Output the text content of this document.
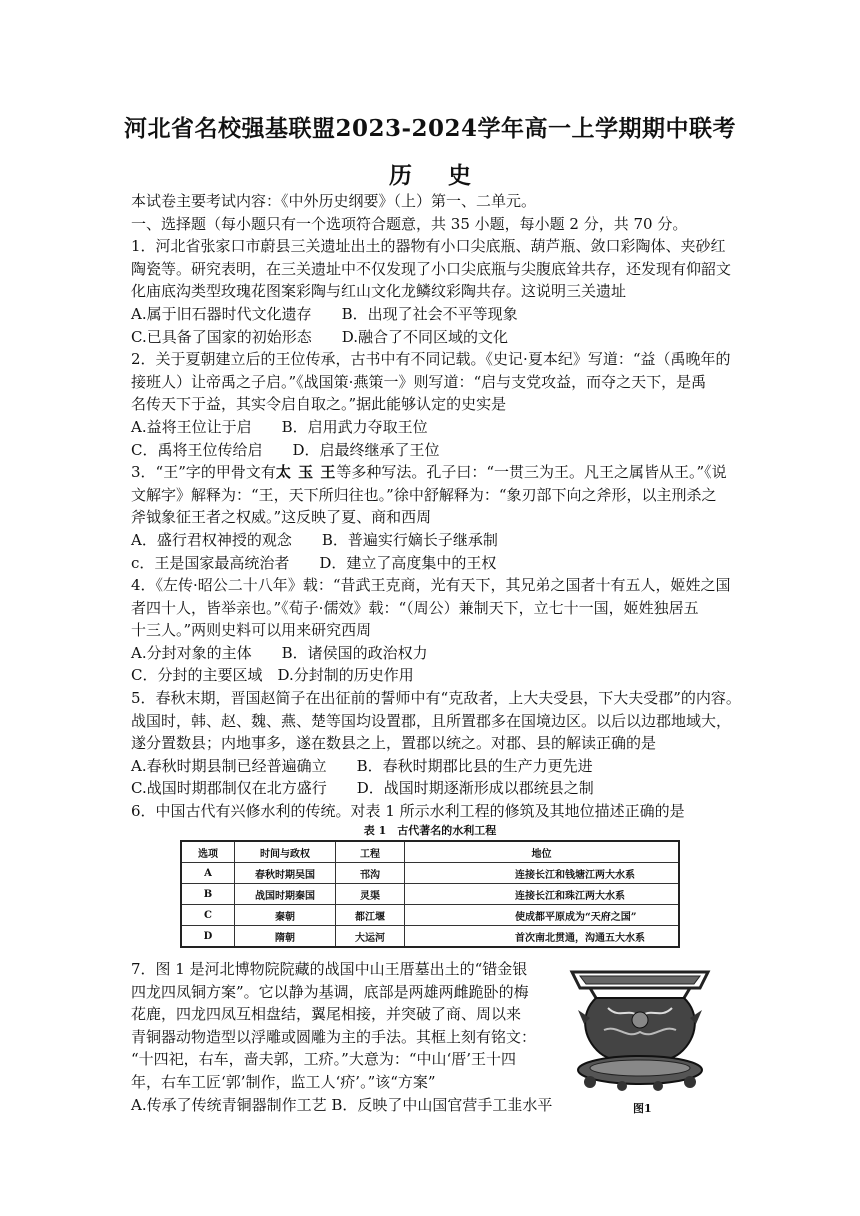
河北省名校强基联盟2023-2024学年高一上学期期中联考
历史
本试卷主要考试内容：《中外历史纲要》（上）第一、二单元。
一、选择题（每小题只有一个选项符合题意，共 35 小题，每小题 2 分，共 70 分。
1．河北省张家口市蔚县三关遗址出土的器物有小口尖底瓶、葫芦瓶、敛口彩陶体、夹砂红
陶瓷等。研究表明，在三关遗址中不仅发现了小口尖底瓶与尖腹底耸共存，还发现有仰韶文
化庙底沟类型玫瑰花图案彩陶与红山文化龙鳞纹彩陶共存。这说明三关遗址
A.属于旧石器时代文化遗存　　B．出现了社会不平等现象
C.已具备了国家的初始形态　　D.融合了不同区域的文化
2．关于夏朝建立后的王位传承，古书中有不同记载。《史记·夏本纪》写道：“益（禹晚年的
接班人）让帝禹之子启。”《战国策·燕策一》则写道：“启与支党攻益，而夺之天下，是禹
名传天下于益，其实令启自取之。”据此能够认定的史实是
A.益将王位让于启　　B．启用武力夺取王位
C．禹将王位传给启　　D．启最终继承了王位
3．“王”字的甲骨文有太 玉 王等多种写法。孔子曰：“一贯三为王。凡王之属皆从王。”《说
文解字》解释为：“王，天下所归往也。”徐中舒解释为：“象刃部下向之斧形，以主刑杀之
斧钺象征王者之权威。”这反映了夏、商和西周
A．盛行君权神授的观念　　B．普遍实行嫡长子继承制
c．王是国家最高统治者　　D．建立了高度集中的王权
4．《左传·昭公二十八年》载：“昔武王克商，光有天下，其兄弟之国者十有五人，姬姓之国
者四十人，皆举亲也。”《荀子·儒效》载：“（周公）兼制天下，立七十一国，姬姓独居五
十三人。”两则史料可以用来研究西周
A.分封对象的主体　　B．诸侯国的政治权力
C．分封的主要区域　D.分封制的历史作用
5．春秋末期，晋国赵简子在出征前的誓师中有“克敌者，上大夫受县，下大夫受郡”的内容。
战国时，韩、赵、魏、燕、楚等国均设置郡，且所置郡多在国境边区。以后以边郡地域大，
遂分置数县；内地事多，遂在数县之上，置郡以统之。对郡、县的解读正确的是
A.春秋时期县制已经普遍确立　　B．春秋时期郡比县的生产力更先进
C.战国时期郡制仅在北方盛行　　D．战国时期逐渐形成以郡统县之制
6．中国古代有兴修水利的传统。对表 1 所示水利工程的修筑及其地位描述正确的是
表 1　古代著名的水利工程
选项	时间与政权	工程	地位
A	春秋时期吴国	邗沟	连接长江和钱塘江两大水系
B	战国时期秦国	灵渠	连接长江和珠江两大水系
C	秦朝	都江堰	使成都平原成为“天府之国”
D	隋朝	大运河	首次南北贯通，沟通五大水系
7．图 1 是河北博物院院藏的战国中山王厝墓出土的“错金银
四龙四凤铜方案”。它以静为基调，底部是两雄两雌跪卧的梅
花鹿，四龙四凤互相盘结，翼尾相接，并突破了商、周以来
青铜器动物造型以浮雕或圆雕为主的手法。其框上刻有铭文：
“十四祀，右车，啬夫郭，工疥。”大意为：“中山‘厝’王十四
年，右车工匠‘郭’制作，监工人‘疥’。”该“方案”
A.传承了传统青铜器制作工艺 B．反映了中山国官营手工韭水平	图1
